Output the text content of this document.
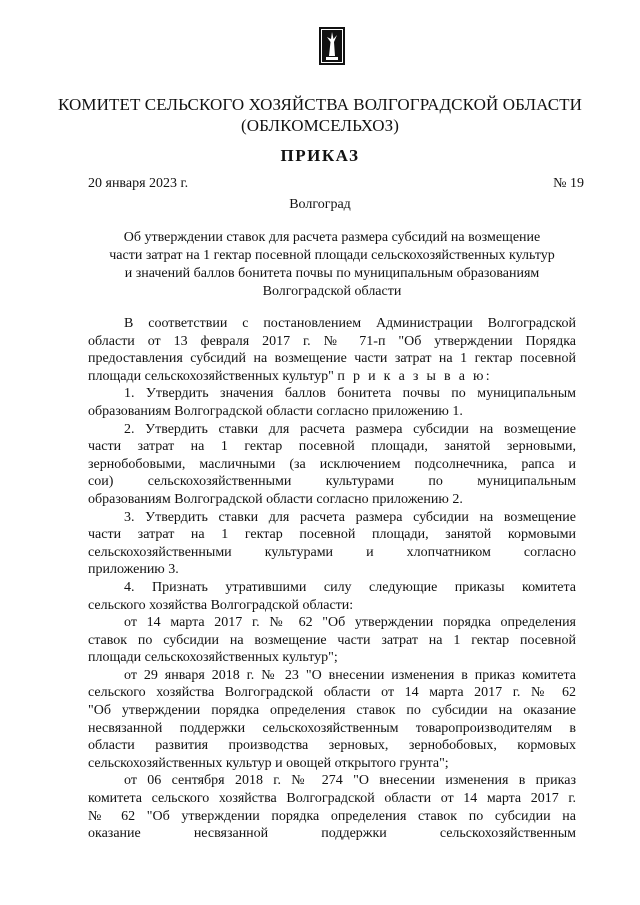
КОМИТЕТ СЕЛЬСКОГО ХОЗЯЙСТВА ВОЛГОГРАДСКОЙ ОБЛАСТИ
(ОБЛКОМСЕЛЬХОЗ)
ПРИКАЗ
20 января 2023 г.	№ 19
Волгоград
Об утверждении ставок для расчета размера субсидий на возмещение
части затрат на 1 гектар посевной площади сельскохозяйственных культур
и значений баллов бонитета почвы по муниципальным образованиям
Волгоградской области
В соответствии с постановлением Администрации Волгоградской
области от 13 февраля 2017 г. № 71-п "Об утверждении Порядка
предоставления субсидий на возмещение части затрат на 1 гектар посевной
площади сельскохозяйственных культур" п р и к а з ы в а ю:
1. Утвердить значения баллов бонитета почвы по муниципальным
образованиям Волгоградской области согласно приложению 1.
2. Утвердить ставки для расчета размера субсидии на возмещение
части затрат на 1 гектар посевной площади, занятой зерновыми,
зернобобовыми, масличными (за исключением подсолнечника, рапса и
сои) сельскохозяйственными культурами по муниципальным
образованиям Волгоградской области согласно приложению 2.
3. Утвердить ставки для расчета размера субсидии на возмещение
части затрат на 1 гектар посевной площади, занятой кормовыми
сельскохозяйственными культурами и хлопчатником согласно
приложению 3.
4. Признать утратившими силу следующие приказы комитета
сельского хозяйства Волгоградской области:
от 14 марта 2017 г. № 62 "Об утверждении порядка определения
ставок по субсидии на возмещение части затрат на 1 гектар посевной
площади сельскохозяйственных культур";
от 29 января 2018 г. № 23 "О внесении изменения в приказ комитета
сельского хозяйства Волгоградской области от 14 марта 2017 г. № 62
"Об утверждении порядка определения ставок по субсидии на оказание
несвязанной поддержки сельскохозяйственным товаропроизводителям в
области развития производства зерновых, зернобобовых, кормовых
сельскохозяйственных культур и овощей открытого грунта";
от 06 сентября 2018 г. № 274 "О внесении изменения в приказ
комитета сельского хозяйства Волгоградской области от 14 марта 2017 г.
№ 62 "Об утверждении порядка определения ставок по субсидии на
оказание несвязанной поддержки сельскохозяйственным
